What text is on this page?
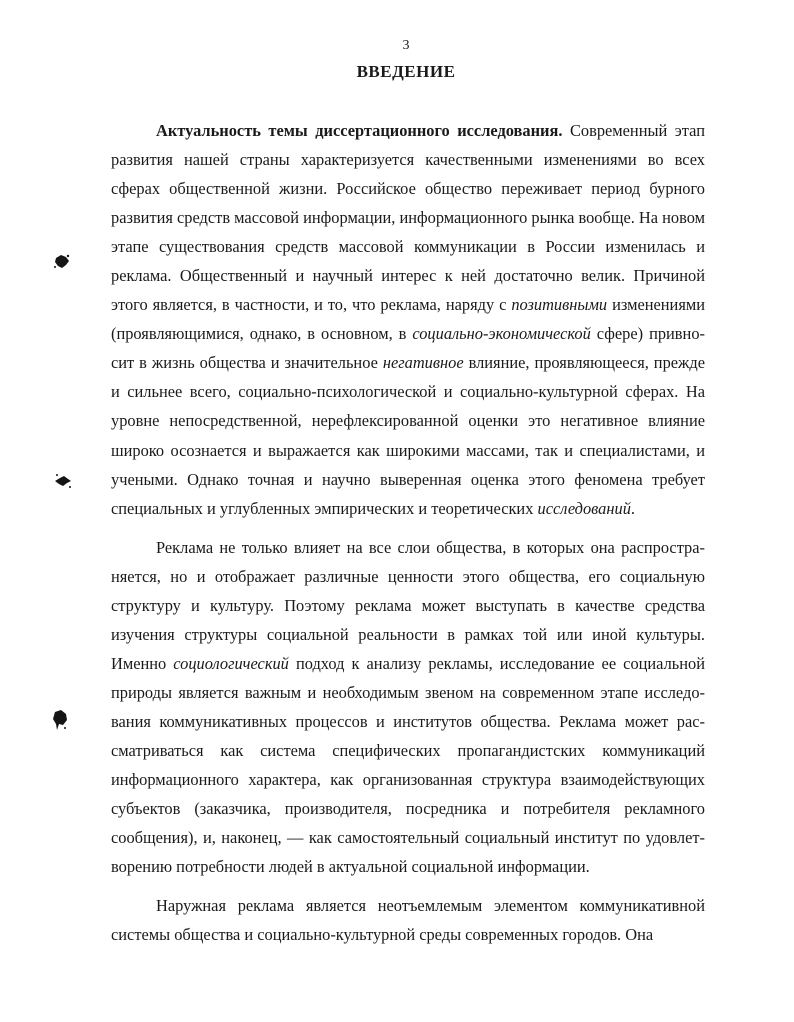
3
ВВЕДЕНИЕ

Актуальность темы диссертационного исследования. Современный этап развития нашей страны характеризуется качественными изменениями во всех сферах общественной жизни. Российское общество переживает период бурного развития средств массовой информации, информационного рынка вообще. На новом этапе существования средств массовой коммуникации в России изменилась и реклама. Общественный и научный интерес к ней достаточно велик. Причиной этого является, в частности, и то, что реклама, наряду с позитивными изменениями (проявляющимися, однако, в основном, в социально-экономической сфере) привносит в жизнь общества и значительное негативное влияние, проявляющееся, прежде и сильнее всего, социально-психологической и социально-культурной сферах. На уровне непосредственной, нерефлексированной оценки это негативное влияние широко осознается и выражается как широкими массами, так и специалистами, и учеными. Однако точная и научно выверенная оценка этого феномена требует специальных и углубленных эмпирических и теоретических исследований.

Реклама не только влияет на все слои общества, в которых она распространяется, но и отображает различные ценности этого общества, его социальную структуру и культуру. Поэтому реклама может выступать в качестве средства изучения структуры социальной реальности в рамках той или иной культуры. Именно социологический подход к анализу рекламы, исследование ее социальной природы является важным и необходимым звеном на современном этапе исследования коммуникативных процессов и институтов общества. Реклама может рассматриваться как система специфических пропагандистских коммуникаций информационного характера, как организованная структура взаимодействующих субъектов (заказчика, производителя, посредника и потребителя рекламного сообщения), и, наконец, — как самостоятельный социальный институт по удовлетворению потребности людей в актуальной социальной информации.

Наружная реклама является неотъемлемым элементом коммуникативной системы общества и социально-культурной среды современных городов. Она
